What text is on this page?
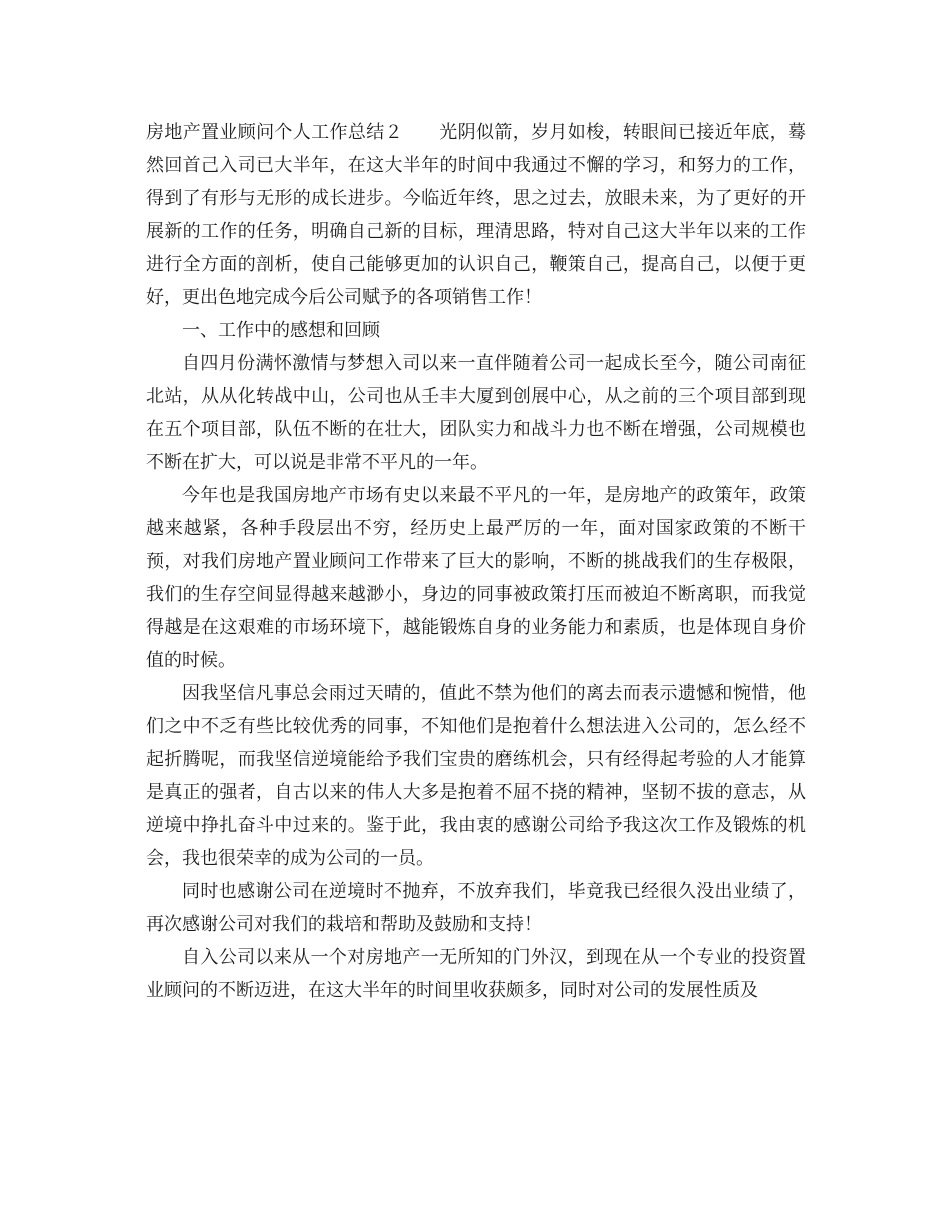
房地产置业顾问个人工作总结２ 光阴似箭，岁月如梭，转眼间已接近年底，蓦然回首己入司已大半年，在这大半年的时间中我通过不懈的学习，和努力的工作，得到了有形与无形的成长进步。今临近年终，思之过去，放眼未来，为了更好的开展新的工作的任务，明确自己新的目标，理清思路，特对自己这大半年以来的工作进行全方面的剖析，使自己能够更加的认识自己，鞭策自己，提高自己，以便于更好，更出色地完成今后公司赋予的各项销售工作！

一、工作中的感想和回顾

自四月份满怀激情与梦想入司以来一直伴随着公司一起成长至今，随公司南征北站，从从化转战中山，公司也从壬丰大厦到创展中心，从之前的三个项目部到现在五个项目部，队伍不断的在壮大，团队实力和战斗力也不断在增强，公司规模也不断在扩大，可以说是非常不平凡的一年。

今年也是我国房地产市场有史以来最不平凡的一年，是房地产的政策年，政策越来越紧，各种手段层出不穷，经历史上最严厉的一年，面对国家政策的不断干预，对我们房地产置业顾问工作带来了巨大的影响，不断的挑战我们的生存极限，我们的生存空间显得越来越渺小，身边的同事被政策打压而被迫不断离职，而我觉得越是在这艰难的市场环境下，越能锻炼自身的业务能力和素质，也是体现自身价值的时候。

因我坚信凡事总会雨过天晴的，值此不禁为他们的离去而表示遗憾和惋惜，他们之中不乏有些比较优秀的同事，不知他们是抱着什么想法进入公司的，怎么经不起折腾呢，而我坚信逆境能给予我们宝贵的磨练机会，只有经得起考验的人才能算是真正的强者，自古以来的伟人大多是抱着不屈不挠的精神，坚韧不拔的意志，从逆境中挣扎奋斗中过来的。鉴于此，我由衷的感谢公司给予我这次工作及锻炼的机会，我也很荣幸的成为公司的一员。

同时也感谢公司在逆境时不抛弃，不放弃我们，毕竟我已经很久没出业绩了，再次感谢公司对我们的栽培和帮助及鼓励和支持！

自入公司以来从一个对房地产一无所知的门外汉，到现在从一个专业的投资置业顾问的不断迈进，在这大半年的时间里收获颇多，同时对公司的发展性质及
